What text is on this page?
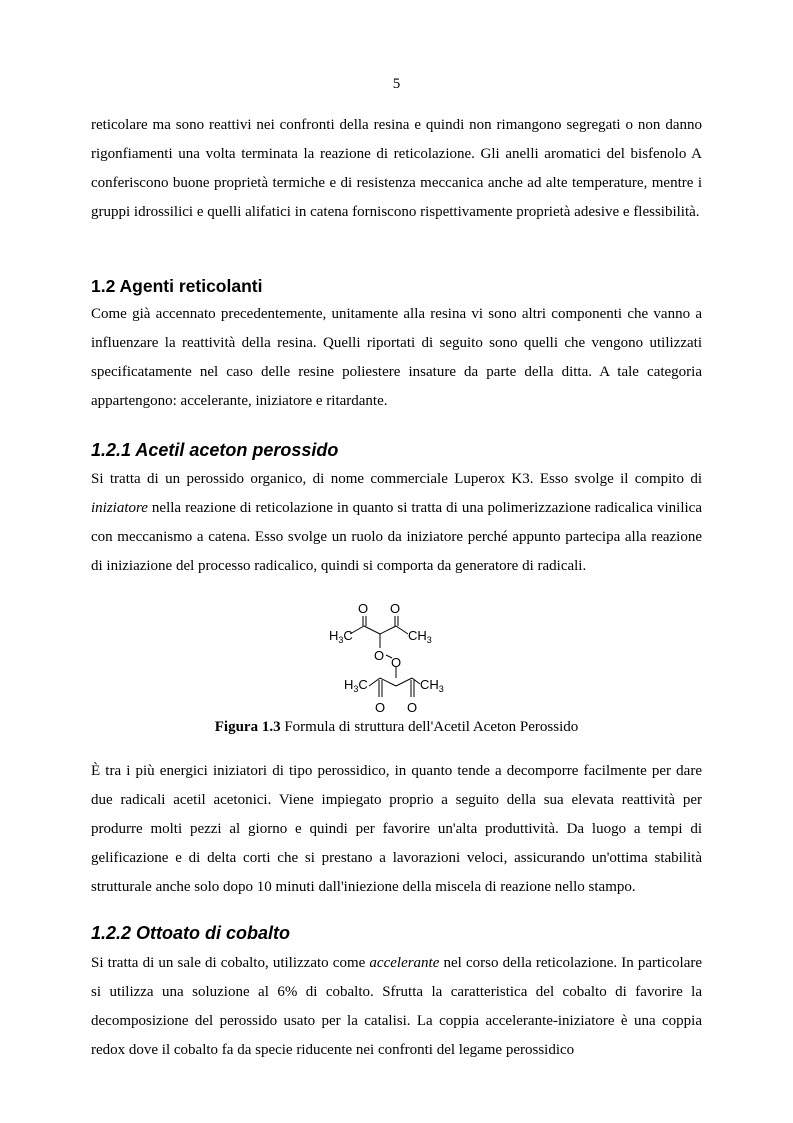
5

reticolare ma sono reattivi nei confronti della resina e quindi non rimangono segregati o non danno rigonfiamenti una volta terminata la reazione di reticolazione. Gli anelli aromatici del bisfenolo A conferiscono buone proprietà termiche e di resistenza meccanica anche ad alte temperature, mentre i gruppi idrossilici e quelli alifatici in catena forniscono rispettivamente proprietà adesive e flessibilità.

1.2 Agenti reticolanti

Come già accennato precedentemente, unitamente alla resina vi sono altri componenti che vanno a influenzare la reattività della resina. Quelli riportati di seguito sono quelli che vengono utilizzati specificatamente nel caso delle resine poliestere insature da parte della ditta. A tale categoria appartengono: accelerante, iniziatore e ritardante.

1.2.1 Acetil aceton perossido

Si tratta di un perossido organico, di nome commerciale Luperox K3. Esso svolge il compito di iniziatore nella reazione di reticolazione in quanto si tratta di una polimerizzazione radicalica vinilica con meccanismo a catena. Esso svolge un ruolo da iniziatore perché appunto partecipa alla reazione di iniziazione del processo radicalico, quindi si comporta da generatore di radicali.

O O
$H_3C$	$CH_3$
O O
$H_3C$	$CH_3$
O O
Figura 1.3 Formula di struttura dell'Acetil Aceton Perossido

È tra i più energici iniziatori di tipo perossidico, in quanto tende a decomporre facilmente per dare due radicali acetil acetonici. Viene impiegato proprio a seguito della sua elevata reattività per produrre molti pezzi al giorno e quindi per favorire un'alta produttività. Da luogo a tempi di gelificazione e di delta corti che si prestano a lavorazioni veloci, assicurando un'ottima stabilità strutturale anche solo dopo 10 minuti dall'iniezione della miscela di reazione nello stampo.

1.2.2 Ottoato di cobalto

Si tratta di un sale di cobalto, utilizzato come accelerante nel corso della reticolazione. In particolare si utilizza una soluzione al 6% di cobalto. Sfrutta la caratteristica del cobalto di favorire la decomposizione del perossido usato per la catalisi. La coppia accelerante-iniziatore è una coppia redox dove il cobalto fa da specie riducente nei confronti del legame perossidico
